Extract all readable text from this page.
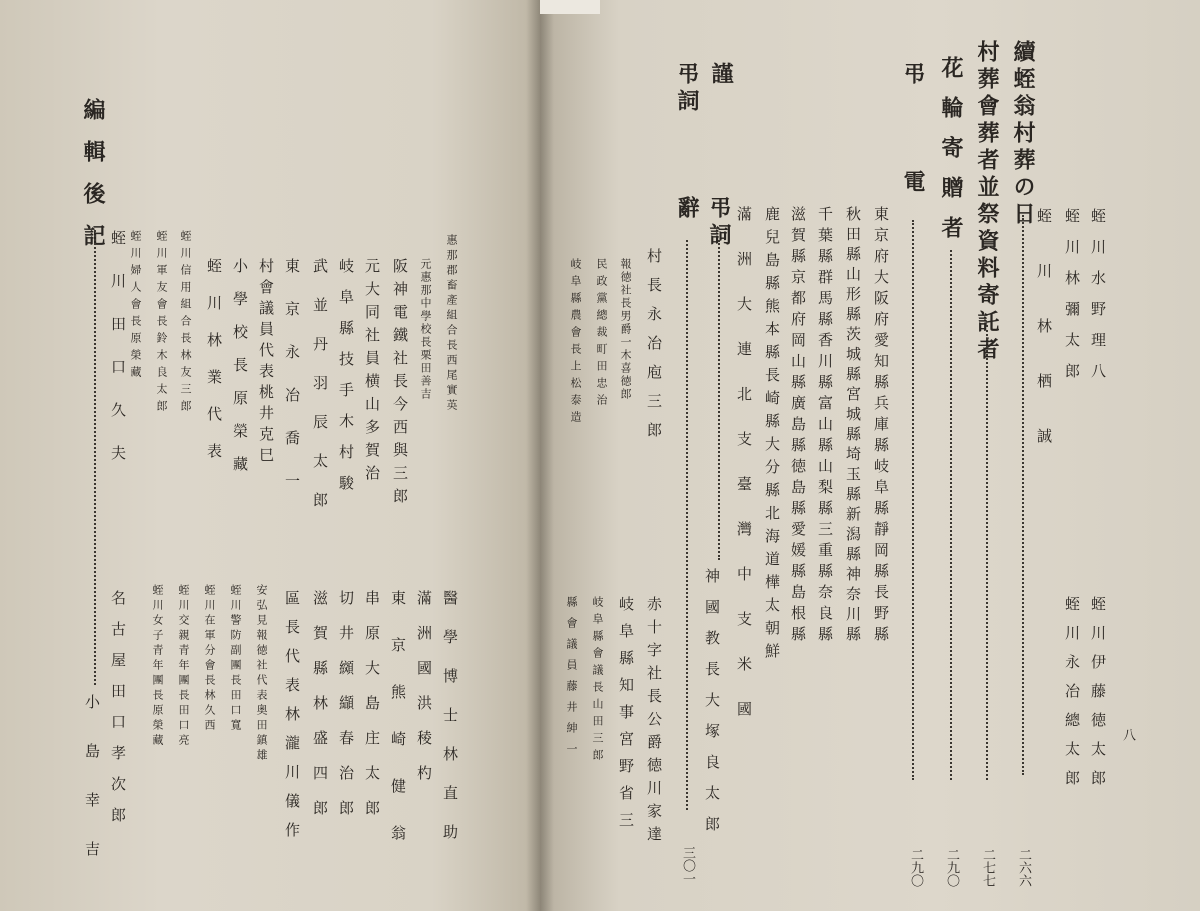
續蛭翁村葬の日
二六六
村葬會葬者並祭資料寄託者
二七七
花輪寄贈者
二九〇
弔電
二九〇
蛭川水野理八
蛭川伊藤徳太郎
蛭川林彌太郎
蛭川永冶總太郎
蛭川林栖誠
八
東京府大阪府愛知縣兵庫縣岐阜縣靜岡縣長野縣
秋田縣山形縣茨城縣宮城縣埼玉縣新潟縣神奈川縣
千葉縣群馬縣香川縣富山縣山梨縣三重縣奈良縣
滋賀縣京都府岡山縣廣島縣徳島縣愛媛縣島根縣
鹿兒島縣熊本縣長崎縣大分縣北海道樺太朝鮮
滿洲大連北支臺灣中支米國
謹
弔詞
弔詞
辭
三〇一
神國教長大塚良太郎
村長永冶庖三郎
赤十字社長公爵徳川家達
報徳社長男爵一木喜徳郎
岐阜縣知事宮野省三
民政黨總裁町田忠治
岐阜縣會議長山田三郎
岐阜縣農會長上松泰造
縣會議員藤井紳一
編輯後記
小島幸吉
惠那郡畜產組合長西尾實英
醫學博士林直助
元惠那中學校長栗田善吉
滿洲國洪稜杓
阪神電鐵社長今西與三郎
東京熊崎健翁
元大同社員横山多賀治
串原大島庄太郎
岐阜縣技手木村駿
切井纐纈春治郎
武並丹羽辰太郎
滋賀縣林盛四郎
東京永冶喬一
區長代表林瀧川儀作
村會議員代表桃井克巳
安弘見報徳社代表奥田鎮雄
小學校長原榮藏
蛭川警防副團長田口寬
蛭川林業代表
蛭川在軍分會長林久西
蛭川信用組合長林友三郎
蛭川交親青年團長田口亮
蛭川軍友會長鈴木良太郎
蛭川女子青年團長原榮藏
蛭川婦人會長原榮藏
蛭川田口久夫
名古屋田口孝次郎
